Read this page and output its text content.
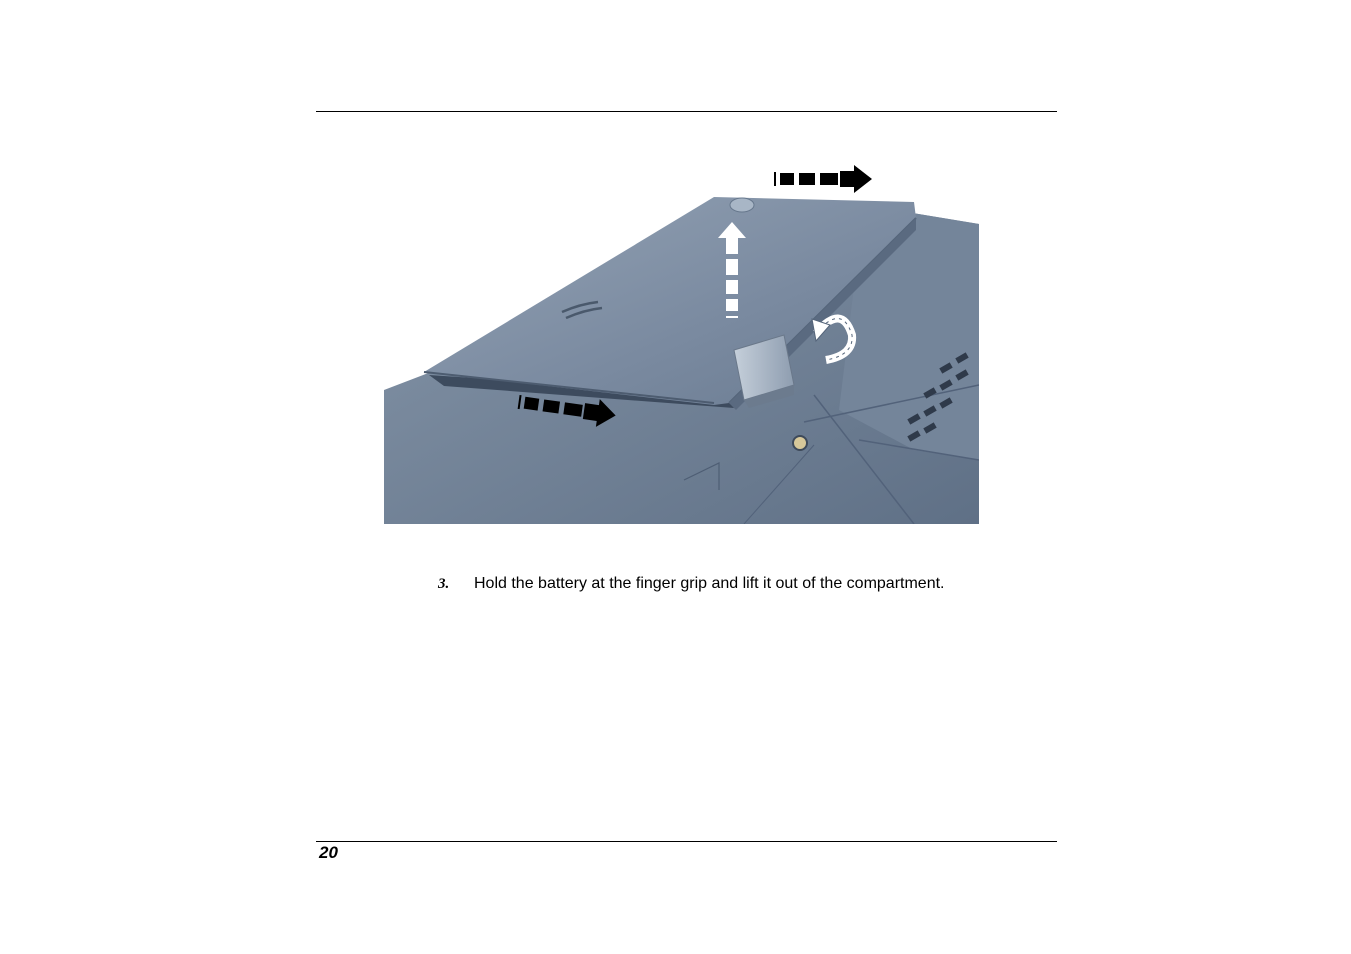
3. Hold the battery at the finger grip and lift it out of the compartment.
20
